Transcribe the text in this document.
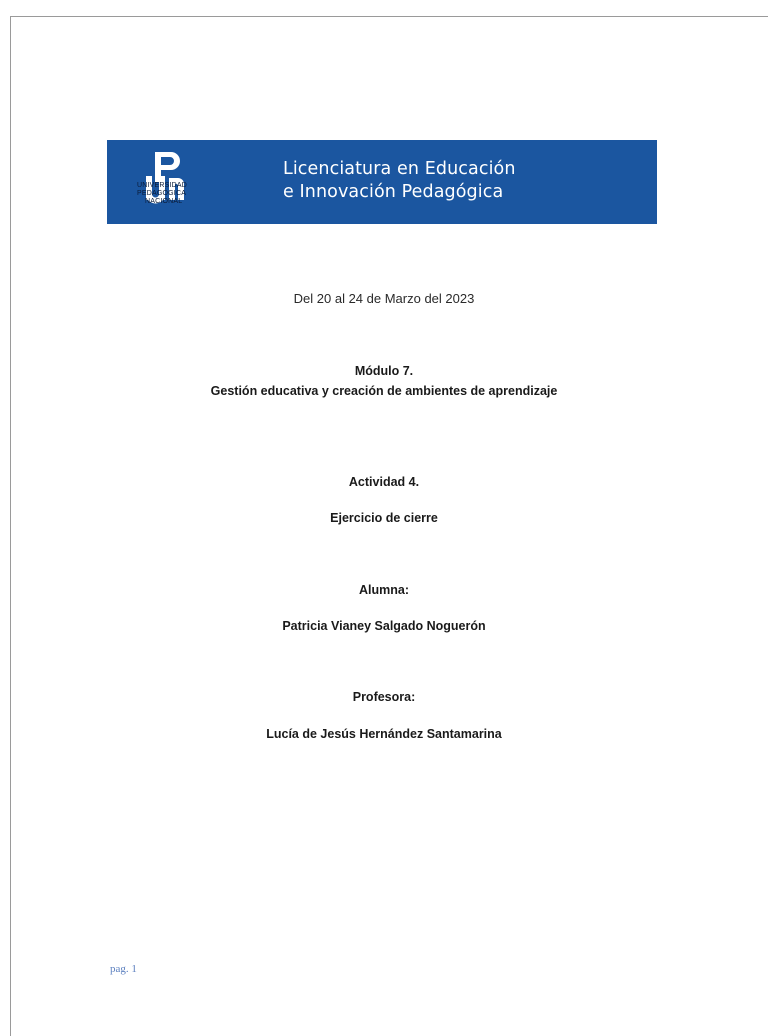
UNIVERSIDAD
PEDAGÓGICA
NACIONAL
Licenciatura en Educación
e Innovación Pedagógica
Del 20 al 24 de Marzo del 2023
Módulo 7.
Gestión educativa y creación de ambientes de aprendizaje
Actividad 4.
Ejercicio de cierre
Alumna:
Patricia Vianey Salgado Noguerón
Profesora:
Lucía de Jesús Hernández Santamarina
pag. 1
